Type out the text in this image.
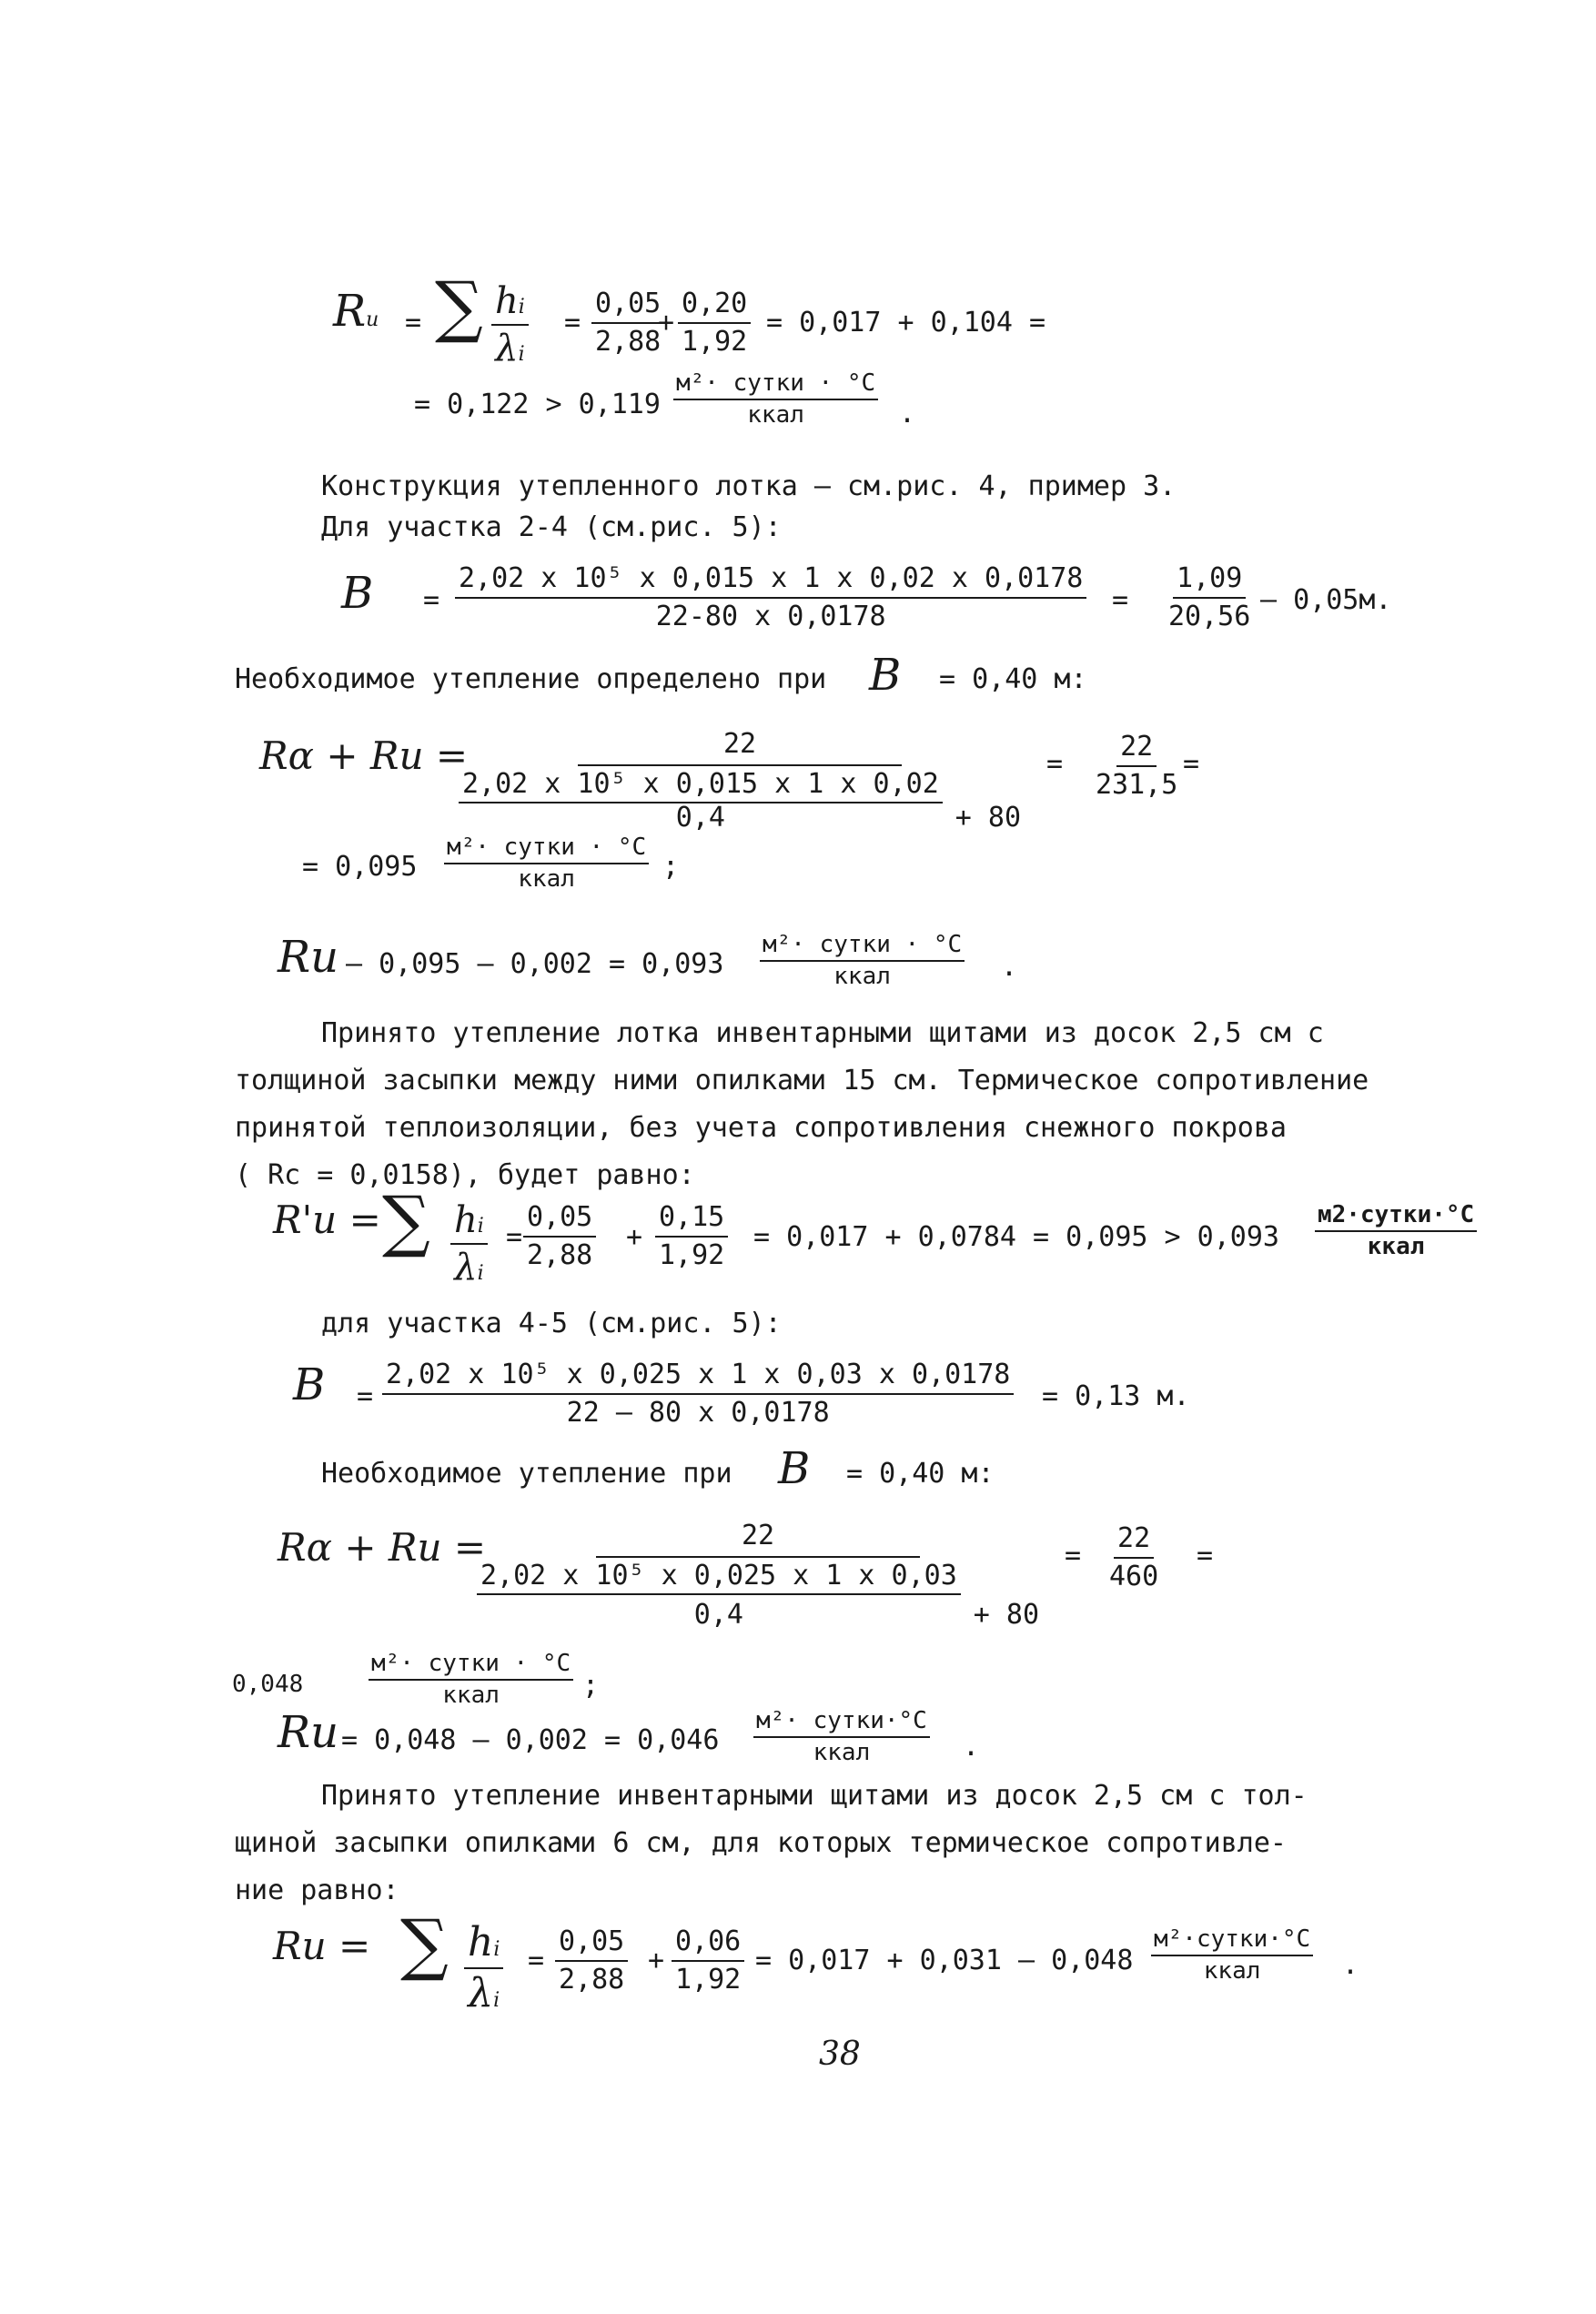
Ru = ∑ $\frac{hi}{\lambda i} = \frac{0,05}{2,88}$
+ $\frac{0,20}{1,92} = 0,017 + 0,104$ =
= 0,122 > 0,119
м²· сутки · °С
ккал	.
Конструкция утепленного лотка – см.рис. 4, пример 3.
Для участка 2-4 (см.рис. 5):
$B = \frac{\text{2,02 x 10⁵ x 0,015 x 1 x 0,02 x 0,0178}}{22-80 x 0,0178} = \frac{1,09}{20,56} - 0,05м$.
Необходимое утепление определено при B = 0,40 м:
Rα + Rи =
$\frac{22}{\frac{\text{2,02 x 10⁵ x 0,015 x 1 x 0,02}}{0,4} + 80} = \frac{22}{231,5}$ =
= 0,095
м²· сутки · °С
ккал	;
Rи – 0,095 – 0,002 = 0,093
м²· сутки · °С
ккал	.
Принято утепление лотка инвентарными щитами из досок 2,5 см с
толщиной засыпки между ними опилками 15 см. Термическое сопротивление
принятой теплоизоляции, без учета сопротивления снежного покрова
( Rс = 0,0158), будет равно:
R'и = ∑ $\frac{hi}{\lambda i} = \frac{0,05}{2,88} + \frac{0,15}{1,92} = 0,017 + 0,0784 = 0,095 > 0,093$
м2·сутки·°С
ккал
для участка 4-5 (см.рис. 5):
$B = \frac{\text{2,02 x 10⁵ x 0,025 x 1 x 0,03 x 0,0178}}{22 - 80 x 0,0178} = 0,13$ м.
Необходимое утепление при B = 0,40 м:
Rα + Rи =
$\frac{22}{\frac{\text{2,02 x 10⁵ x 0,025 x 1 x 0,03}}{0,4} + 80} = \frac{22}{460}$ =
0,048
м²· сутки · °С
ккал	;
Rи = 0,048 – 0,002 = 0,046
м²· сутки·°С
ккал	.
Принято утепление инвентарными щитами из досок 2,5 см с тол-
щиной засыпки опилками 6 см, для которых термическое сопротивле-
ние равно:
Rи = ∑ $\frac{hi}{\lambda i} = \frac{0,05}{2,88} + \frac{0,06}{1,92} = 0,017 + 0,031 - 0,048$
м²·сутки·°С
ккал	.
38
